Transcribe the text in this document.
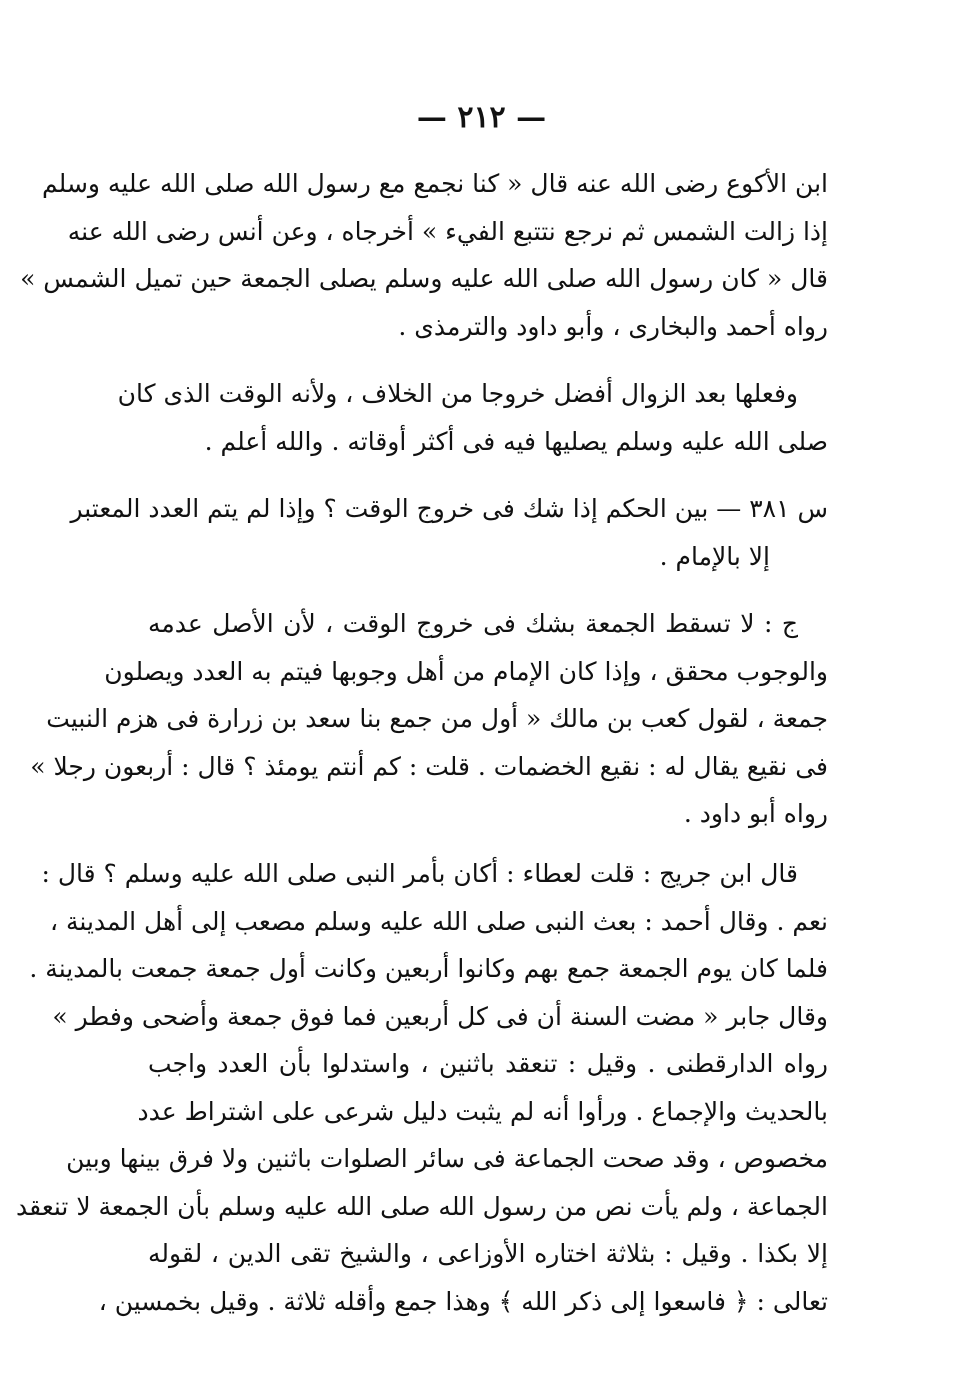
— ٢١٢ —
ابن الأكوع رضى الله عنه قال « كنا نجمع مع رسول الله صلى الله عليه وسلم
إذا زالت الشمس ثم نرجع نتتبع الفيء » أخرجاه ، وعن أنس رضى الله عنه
قال « كان رسول الله صلى الله عليه وسلم يصلى الجمعة حين تميل الشمس »
رواه أحمد والبخارى ، وأبو داود والترمذى .
وفعلها بعد الزوال أفضل خروجا من الخلاف ، ولأنه الوقت الذى كان
صلى الله عليه وسلم يصليها فيه فى أكثر أوقاته . والله أعلم .
س ٣٨١ — بين الحكم إذا شك فى خروج الوقت ؟ وإذا لم يتم العدد المعتبر
إلا بالإمام .
ج : لا تسقط الجمعة بشك فى خروج الوقت ، لأن الأصل عدمه
والوجوب محقق ، وإذا كان الإمام من أهل وجوبها فيتم به العدد ويصلون
جمعة ، لقول كعب بن مالك « أول من جمع بنا سعد بن زرارة فى هزم النبيت
فى نقيع يقال له : نقيع الخضمات . قلت : كم أنتم يومئذ ؟ قال : أربعون رجلا »
رواه أبو داود .
قال ابن جريج : قلت لعطاء : أكان بأمر النبى صلى الله عليه وسلم ؟ قال :
نعم . وقال أحمد : بعث النبى صلى الله عليه وسلم مصعب إلى أهل المدينة ،
فلما كان يوم الجمعة جمع بهم وكانوا أربعين وكانت أول جمعة جمعت بالمدينة .
وقال جابر « مضت السنة أن فى كل أربعين فما فوق جمعة وأضحى وفطر »
رواه الدارقطنى . وقيل : تنعقد باثنين ، واستدلوا بأن العدد واجب
بالحديث والإجماع . ورأوا أنه لم يثبت دليل شرعى على اشتراط عدد
مخصوص ، وقد صحت الجماعة فى سائر الصلوات باثنين ولا فرق بينها وبين
الجماعة ، ولم يأت نص من رسول الله صلى الله عليه وسلم بأن الجمعة لا تنعقد
إلا بكذا . وقيل : بثلاثة اختاره الأوزاعى ، والشيخ تقى الدين ، لقوله
تعالى : ﴿ فاسعوا إلى ذكر الله ﴾ وهذا جمع وأقله ثلاثة . وقيل بخمسين ،
